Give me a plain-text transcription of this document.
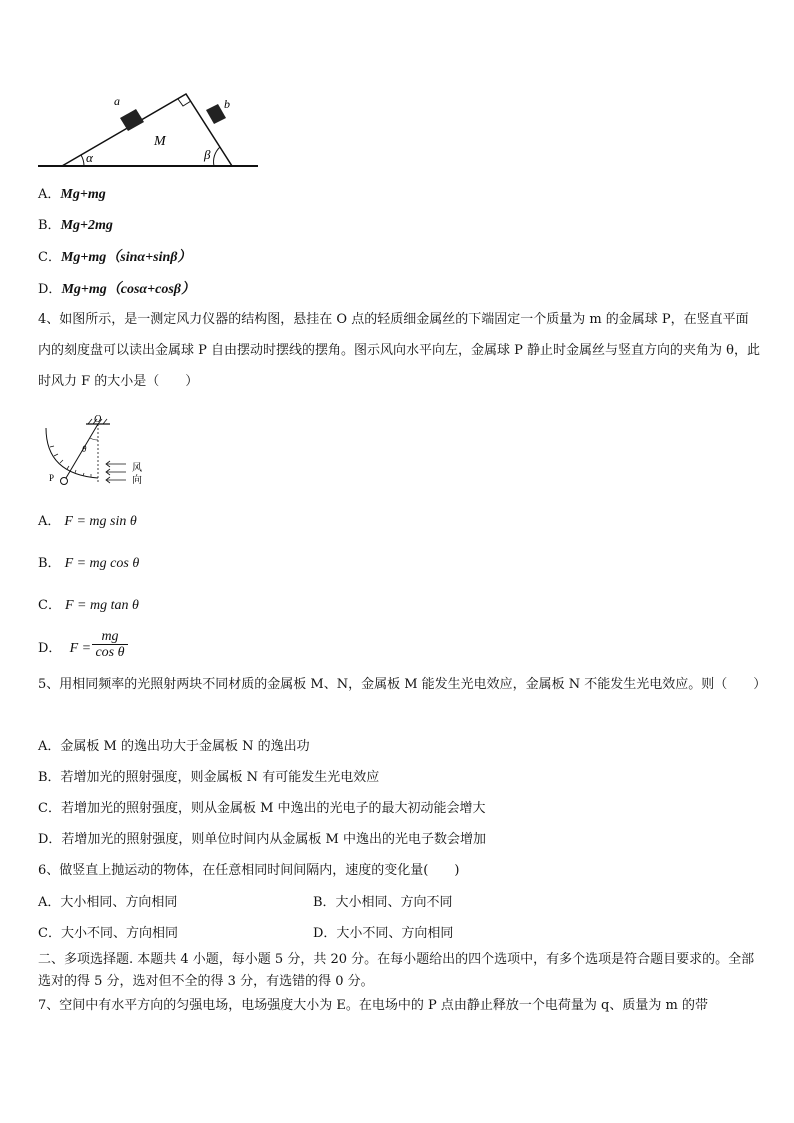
a	b
M
α	β
A．Mg+mg
B．Mg+2mg
C．Mg+mg（sinα+sinβ）
D．Mg+mg（cosα+cosβ）
4、如图所示，是一测定风力仪器的结构图，悬挂在 O 点的轻质细金属丝的下端固定一个质量为 m 的金属球 P，在竖直平面内的刻度盘可以读出金属球 P 自由摆动时摆线的摆角。图示风向水平向左，金属球 P 静止时金属丝与竖直方向的夹角为 θ，此时风力 F 的大小是（　　）
O
P
θ
风
向
A． F = mg sin θ
B． F = mg cos θ
C． F = mg tan θ
D． F =
mg
cos θ
5、用相同频率的光照射两块不同材质的金属板 M、N，金属板 M 能发生光电效应，金属板 N 不能发生光电效应。则（　　）
A．金属板 M 的逸出功大于金属板 N 的逸出功
B．若增加光的照射强度，则金属板 N 有可能发生光电效应
C．若增加光的照射强度，则从金属板 M 中逸出的光电子的最大初动能会增大
D．若增加光的照射强度，则单位时间内从金属板 M 中逸出的光电子数会增加
6、做竖直上抛运动的物体，在任意相同时间间隔内，速度的变化量(　　)
A．大小相同、方向相同	B．大小相同、方向不同
C．大小不同、方向相同	D．大小不同、方向相同
二、多项选择题. 本题共 4 小题，每小题 5 分，共 20 分。在每小题给出的四个选项中，有多个选项是符合题目要求的。全部选对的得 5 分，选对但不全的得 3 分，有选错的得 0 分。
7、空间中有水平方向的匀强电场，电场强度大小为 E。在电场中的 P 点由静止释放一个电荷量为 q、质量为 m 的带
